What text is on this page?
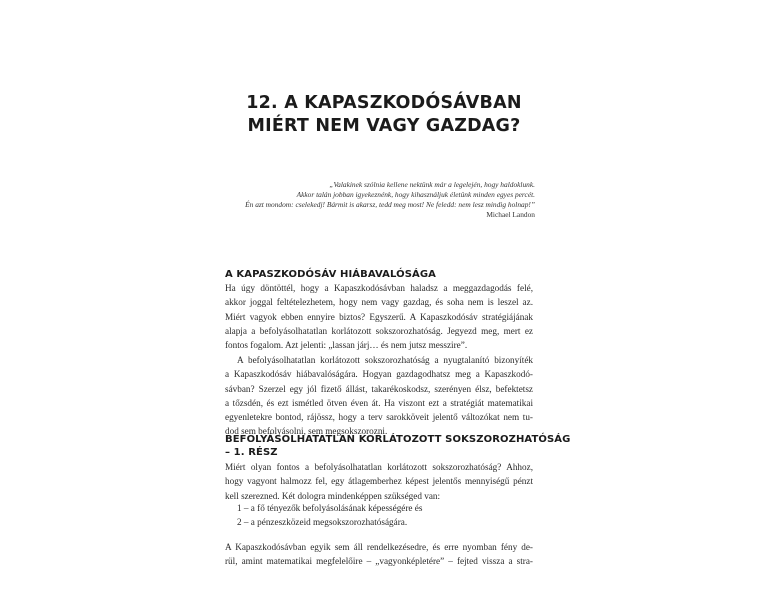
12. A KAPASZKODÓSÁVBAN
MIÉRT NEM VAGY GAZDAG?
„Valakinek szólnia kellene nektünk már a legelején, hogy haldoklunk.
Akkor talán jobban igyekeznénk, hogy kihasználjuk életünk minden egyes percét.
Én azt mondom: cselekedj! Bármit is akarsz, tedd meg most! Ne feledd: nem lesz mindig holnap!”
Michael Landon
A KAPASZKODÓSÁV HIÁBAVALÓSÁGA
Ha úgy döntöttél, hogy a Kapaszkodósávban haladsz a meggazdagodás felé,
akkor joggal feltételezhetem, hogy nem vagy gazdag, és soha nem is leszel az.
Miért vagyok ebben ennyire biztos? Egyszerű. A Kapaszkodósáv stratégiájának
alapja a befolyásolhatatlan korlátozott sokszorozhatóság. Jegyezd meg, mert ez
fontos fogalom. Azt jelenti: „lassan járj… és nem jutsz messzire”.
A befolyásolhatatlan korlátozott sokszorozhatóság a nyugtalanító bizonyíték
a Kapaszkodósáv hiábavalóságára. Hogyan gazdagodhatsz meg a Kapaszkodó-
sávban? Szerzel egy jól fizető állást, takarékoskodsz, szerényen élsz, befektetsz
a tőzsdén, és ezt ismétled ötven éven át. Ha viszont ezt a stratégiát matematikai
egyenletekre bontod, rájössz, hogy a terv sarokköveit jelentő változókat nem tu-
dod sem befolyásolni, sem megsokszorozni.
BEFOLYÁSOLHATATLAN KORLÁTOZOTT SOKSZOROZHATÓSÁG
– 1. RÉSZ
Miért olyan fontos a befolyásolhatatlan korlátozott sokszorozhatóság? Ahhoz,
hogy vagyont halmozz fel, egy átlagemberhez képest jelentős mennyiségű pénzt
kell szerezned. Két dologra mindenképpen szükséged van:
1 – a fő tényezők befolyásolásának képességére és
2 – a pénzeszközeid megsokszorozhatóságára.
A Kapaszkodósávban egyik sem áll rendelkezésedre, és erre nyomban fény de-
rül, amint matematikai megfelelőire – „vagyonképletére” – fejted vissza a stra-
